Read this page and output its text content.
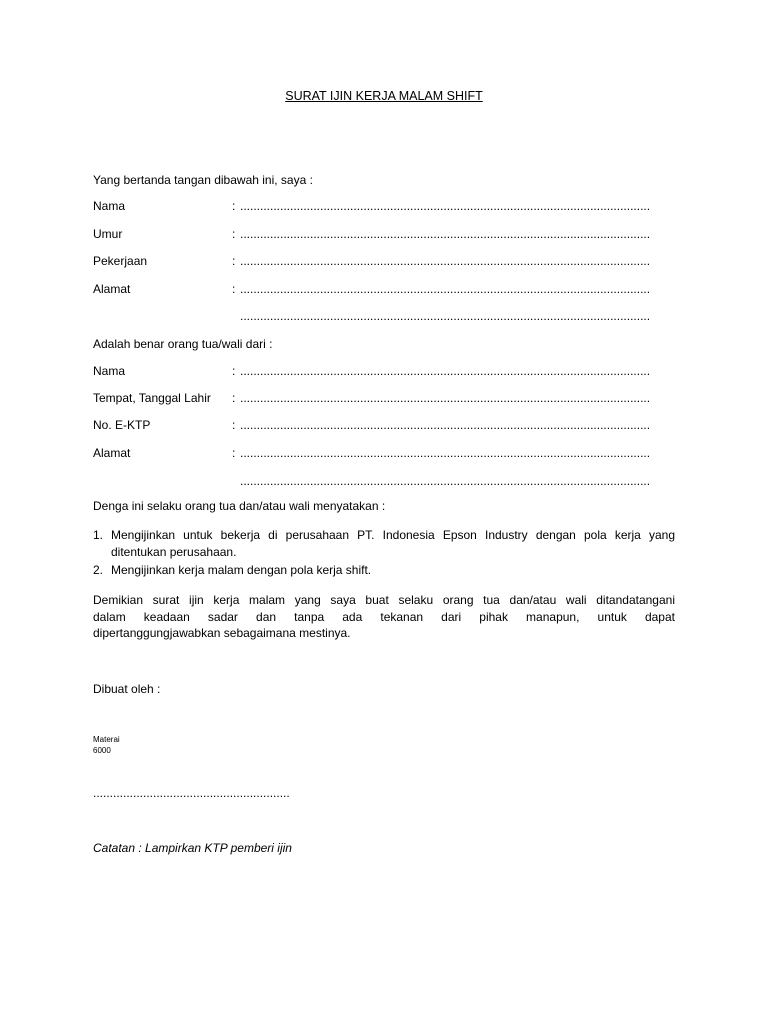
SURAT IJIN KERJA MALAM SHIFT
Yang bertanda tangan dibawah ini, saya :
Nama	: ...........................................................................................................................
Umur	: ...........................................................................................................................
Pekerjaan	: ...........................................................................................................................
Alamat	: ...........................................................................................................................
...........................................................................................................................
Adalah benar orang tua/wali dari :
Nama	: ...........................................................................................................................
Tempat, Tanggal Lahir : ...........................................................................................................................
No. E-KTP	: ...........................................................................................................................
Alamat	: ...........................................................................................................................
...........................................................................................................................
Denga ini selaku orang tua dan/atau wali menyatakan :
1. Mengijinkan untuk bekerja di perusahaan PT. Indonesia Epson Industry dengan pola kerja yang
ditentukan perusahaan.
2. Mengijinkan kerja malam dengan pola kerja shift.
Demikian surat ijin kerja malam yang saya buat selaku orang tua dan/atau wali ditandatangani
dalam keadaan sadar dan tanpa ada tekanan dari pihak manapun, untuk dapat
dipertanggungjawabkan sebagaimana mestinya.
Dibuat oleh :
Materai
6000
...........................................................
Catatan : Lampirkan KTP pemberi ijin
